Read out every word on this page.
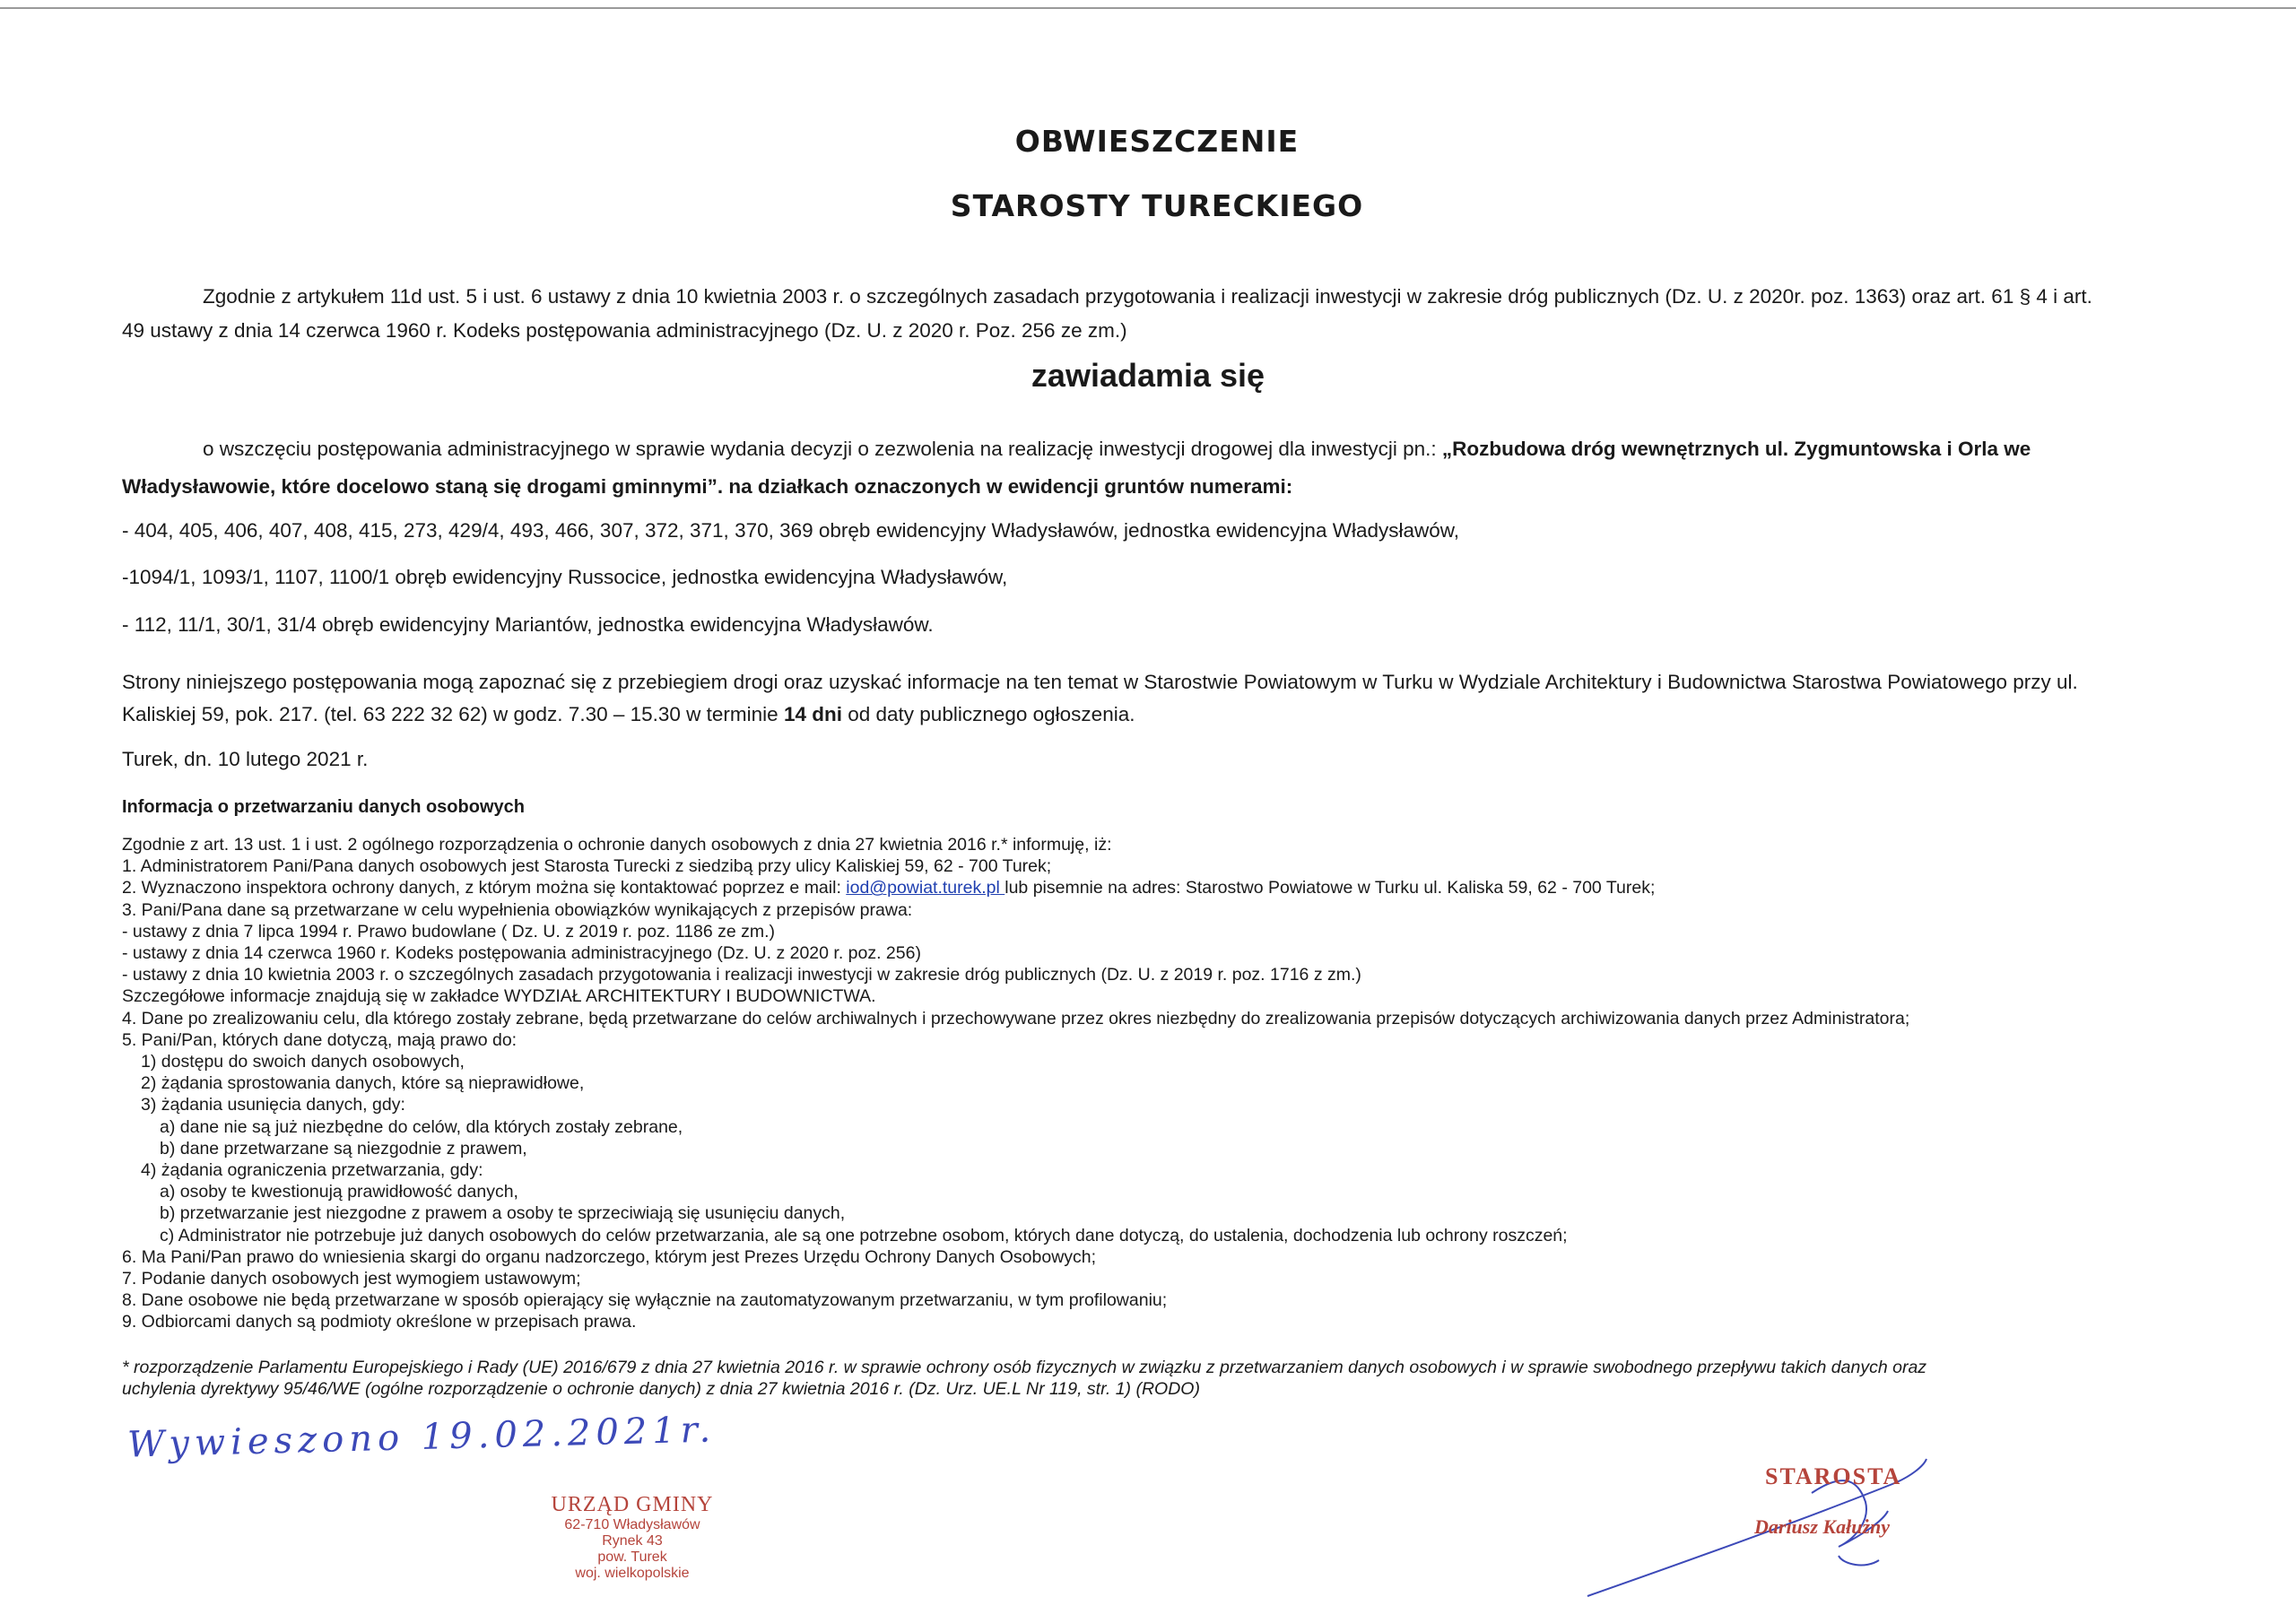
OBWIESZCZENIE
STAROSTY TURECKIEGO
Zgodnie z artykułem 11d ust. 5 i ust. 6 ustawy z dnia 10 kwietnia 2003 r. o szczególnych zasadach przygotowania i realizacji inwestycji w zakresie dróg publicznych (Dz. U. z 2020r. poz. 1363) oraz art. 61 § 4 i art.
49 ustawy z dnia 14 czerwca 1960 r. Kodeks postępowania administracyjnego (Dz. U. z 2020 r. Poz. 256 ze zm.)
zawiadamia się
o wszczęciu postępowania administracyjnego w sprawie wydania decyzji o zezwolenia na realizację inwestycji drogowej dla inwestycji pn.: „Rozbudowa dróg wewnętrznych ul. Zygmuntowska i Orla we
Władysławowie, które docelowo staną się drogami gminnymi”. na działkach oznaczonych w ewidencji gruntów numerami:
- 404, 405, 406, 407, 408, 415, 273, 429/4, 493, 466, 307, 372, 371, 370, 369 obręb ewidencyjny Władysławów, jednostka ewidencyjna Władysławów,
-1094/1, 1093/1, 1107, 1100/1 obręb ewidencyjny Russocice, jednostka ewidencyjna Władysławów,
- 112, 11/1, 30/1, 31/4 obręb ewidencyjny Mariantów, jednostka ewidencyjna Władysławów.
Strony niniejszego postępowania mogą zapoznać się z przebiegiem drogi oraz uzyskać informacje na ten temat w Starostwie Powiatowym w Turku w Wydziale Architektury i Budownictwa Starostwa Powiatowego przy ul.
Kaliskiej 59, pok. 217. (tel. 63 222 32 62) w godz. 7.30 – 15.30 w terminie 14 dni od daty publicznego ogłoszenia.
Turek, dn. 10 lutego 2021 r.
Informacja o przetwarzaniu danych osobowych
Zgodnie z art. 13 ust. 1 i ust. 2 ogólnego rozporządzenia o ochronie danych osobowych z dnia 27 kwietnia 2016 r.* informuję, iż:
1. Administratorem Pani/Pana danych osobowych jest Starosta Turecki z siedzibą przy ulicy Kaliskiej 59, 62 - 700 Turek;
2. Wyznaczono inspektora ochrony danych, z którym można się kontaktować poprzez e mail: iod@powiat.turek.pl lub pisemnie na adres: Starostwo Powiatowe w Turku ul. Kaliska 59, 62 - 700 Turek;
3. Pani/Pana dane są przetwarzane w celu wypełnienia obowiązków wynikających z przepisów prawa:
- ustawy z dnia 7 lipca 1994 r. Prawo budowlane ( Dz. U. z 2019 r. poz. 1186 ze zm.)
- ustawy z dnia 14 czerwca 1960 r. Kodeks postępowania administracyjnego (Dz. U. z 2020 r. poz. 256)
- ustawy z dnia 10 kwietnia 2003 r. o szczególnych zasadach przygotowania i realizacji inwestycji w zakresie dróg publicznych (Dz. U. z 2019 r. poz. 1716 z zm.)
Szczegółowe informacje znajdują się w zakładce WYDZIAŁ ARCHITEKTURY I BUDOWNICTWA.
4. Dane po zrealizowaniu celu, dla którego zostały zebrane, będą przetwarzane do celów archiwalnych i przechowywane przez okres niezbędny do zrealizowania przepisów dotyczących archiwizowania danych przez Administratora;
5. Pani/Pan, których dane dotyczą, mają prawo do:
1) dostępu do swoich danych osobowych,
2) żądania sprostowania danych, które są nieprawidłowe,
3) żądania usunięcia danych, gdy:
a) dane nie są już niezbędne do celów, dla których zostały zebrane,
b) dane przetwarzane są niezgodnie z prawem,
4) żądania ograniczenia przetwarzania, gdy:
a) osoby te kwestionują prawidłowość danych,
b) przetwarzanie jest niezgodne z prawem a osoby te sprzeciwiają się usunięciu danych,
c) Administrator nie potrzebuje już danych osobowych do celów przetwarzania, ale są one potrzebne osobom, których dane dotyczą, do ustalenia, dochodzenia lub ochrony roszczeń;
6. Ma Pani/Pan prawo do wniesienia skargi do organu nadzorczego, którym jest Prezes Urzędu Ochrony Danych Osobowych;
7. Podanie danych osobowych jest wymogiem ustawowym;
8. Dane osobowe nie będą przetwarzane w sposób opierający się wyłącznie na zautomatyzowanym przetwarzaniu, w tym profilowaniu;
9. Odbiorcami danych są podmioty określone w przepisach prawa.
* rozporządzenie Parlamentu Europejskiego i Rady (UE) 2016/679 z dnia 27 kwietnia 2016 r. w sprawie ochrony osób fizycznych w związku z przetwarzaniem danych osobowych i w sprawie swobodnego przepływu takich danych oraz
uchylenia dyrektywy 95/46/WE (ogólne rozporządzenie o ochronie danych) z dnia 27 kwietnia 2016 r. (Dz. Urz. UE.L Nr 119, str. 1) (RODO)
Wywieszono 19.02.2021r.
URZĄD GMINY
62-710 Władysławów
Rynek 43
pow. Turek
woj. wielkopolskie
STAROSTA
Dariusz Kałużny
